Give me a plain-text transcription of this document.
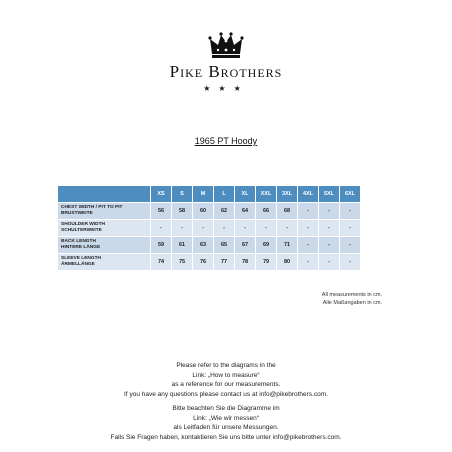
Pike Brothers
★★★
1965 PT Hoody
	XS	S	M	L	XL	XXL	3XL	4XL	5XL	6XL

CHEST WIDTH / PIT TO PIT
BRUSTWEITE	56	58	60	62	64	66	68	-	-	-

SHOULDER WIDTH
SCHULTERWEITE	-	-	-	-	-	-	-	-	-	-

BACK LENGTH
HINTERE LÄNGE	59	61	63	65	67	69	71	-	-	-

SLEEVE LENGTH
ÄRMELLÄNGE	74	75	76	77	78	79	80	-	-	-
All measurements in cm.
Alle Maßangaben in cm.
Please refer to the diagrams in the
Link: „How to measure“
as a reference for our measurements.
If you have any questions please contact us at info@pikebrothers.com.
Bitte beachten Sie die Diagramme im
Link: „Wie wir messen“
als Leitfaden für unsere Messungen.
Falls Sie Fragen haben, kontaktieren Sie uns bitte unter info@pikebrothers.com.
